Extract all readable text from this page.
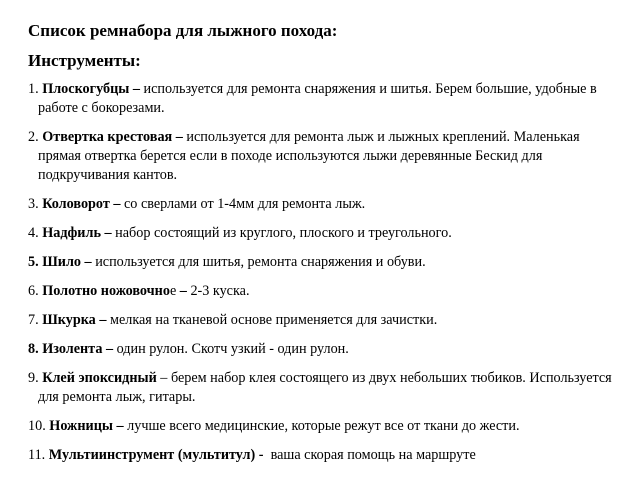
Список ремнабора для лыжного похода:
Инструменты:
1. Плоскогубцы – используется для ремонта снаряжения и шитья. Берем большие, удобные в работе с бокорезами.
2. Отвертка крестовая – используется для ремонта лыж и лыжных креплений. Маленькая прямая отвертка берется если в походе используются лыжи деревянные Бескид для подкручивания кантов.
3. Коловорот – со сверлами от 1-4мм для ремонта лыж.
4. Надфиль – набор состоящий из круглого, плоского и треугольного.
5. Шило – используется для шитья, ремонта снаряжения и обуви.
6. Полотно ножовочное – 2-3 куска.
7. Шкурка – мелкая на тканевой основе применяется для зачистки.
8. Изолента – один рулон. Скотч узкий - один рулон.
9. Клей эпоксидный – берем набор клея состоящего из двух небольших тюбиков. Используется для ремонта лыж, гитары.
10. Ножницы – лучше всего медицинские, которые режут все от ткани до жести.
11. Мультиинструмент (мультитул) - ваша скорая помощь на маршруте
